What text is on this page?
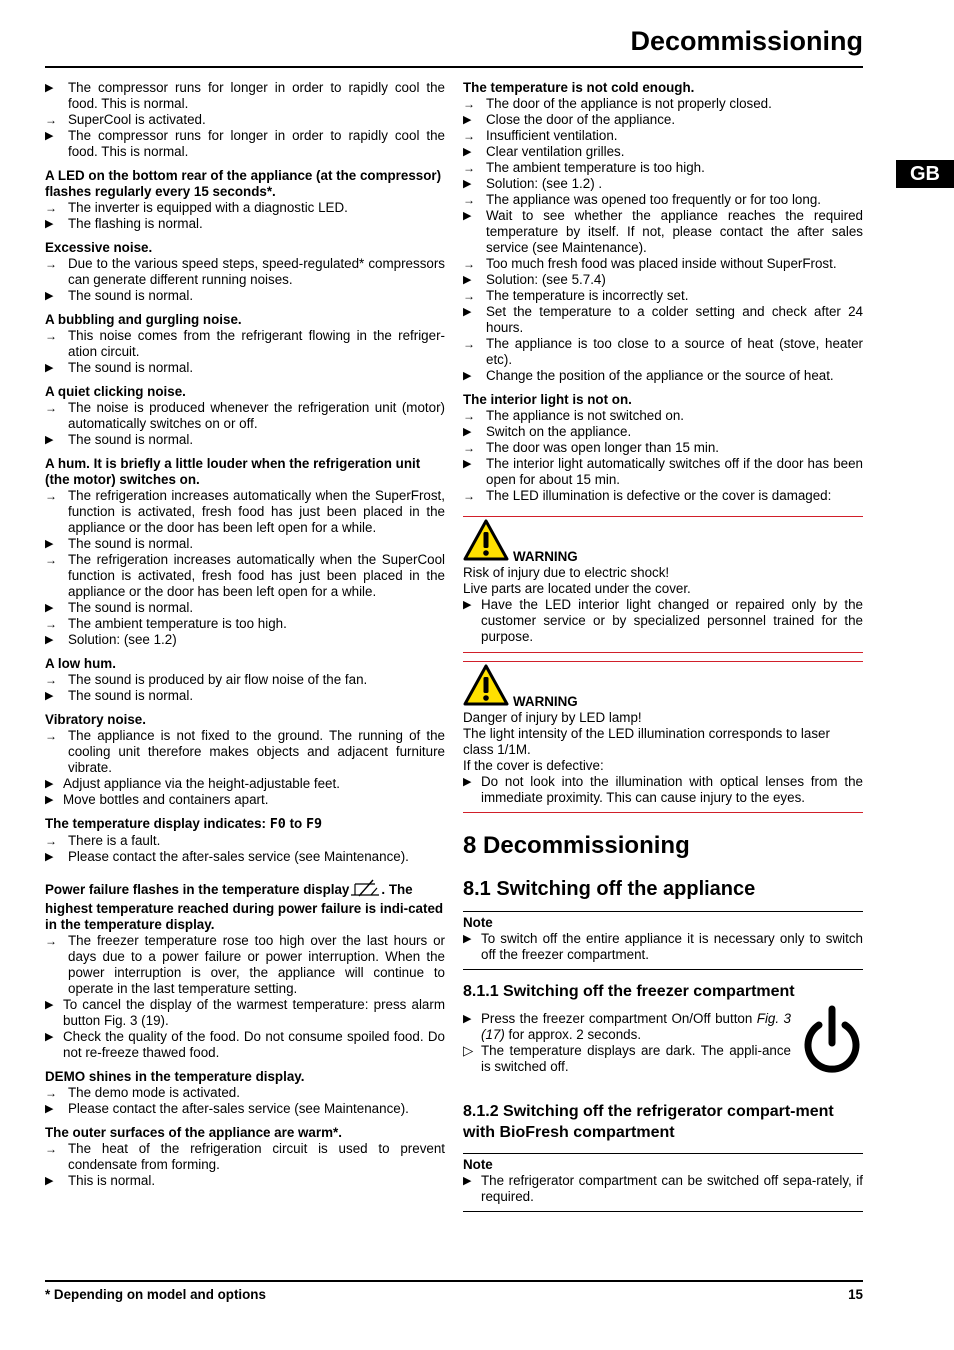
Decommissioning
GB
▶	The compressor runs for longer in order to rapidly cool the food. This is normal.
→ SuperCool is activated.
▶	The compressor runs for longer in order to rapidly cool the food. This is normal.
A LED on the bottom rear of the appliance (at the compressor) flashes regularly every 15 seconds*.
→ The inverter is equipped with a diagnostic LED.
▶	The flashing is normal.
Excessive noise.
→ Due to the various speed steps, speed-regulated* compressors can generate different running noises.
▶	The sound is normal.
A bubbling and gurgling noise.
→ This noise comes from the refrigerant flowing in the refriger-ation circuit.
▶	The sound is normal.
A quiet clicking noise.
→ The noise is produced whenever the refrigeration unit (motor) automatically switches on or off.
▶	The sound is normal.
A hum. It is briefly a little louder when the refrigeration unit (the motor) switches on.
→ The refrigeration increases automatically when the SuperFrost, function is activated, fresh food has just been placed in the appliance or the door has been left open for a while.
▶	The sound is normal.
→ The refrigeration increases automatically when the SuperCool function is activated, fresh food has just been placed in the appliance or the door has been left open for a while.
▶	The sound is normal.
→ The ambient temperature is too high.
▶	Solution: (see 1.2)
A low hum.
→ The sound is produced by air flow noise of the fan.
▶	The sound is normal.
Vibratory noise.
→ The appliance is not fixed to the ground. The running of the cooling unit therefore makes objects and adjacent furniture vibrate.
▶ Adjust appliance via the height-adjustable feet.
▶ Move bottles and containers apart.
The temperature display indicates: F0 to F9
→ There is a fault.
▶	Please contact the after-sales service (see Maintenance).
Power failure flashes in the temperature display . The highest temperature reached during power failure is indi-cated in the temperature display.
→ The freezer temperature rose too high over the last hours or days due to a power failure or power interruption. When the power interruption is over, the appliance will continue to operate in the last temperature setting.
▶ To cancel the display of the warmest temperature: press alarm button Fig. 3 (19).
▶ Check the quality of the food. Do not consume spoiled food. Do not re-freeze thawed food.
DEMO shines in the temperature display.
→ The demo mode is activated.
▶	Please contact the after-sales service (see Maintenance).
The outer surfaces of the appliance are warm*.
→ The heat of the refrigeration circuit is used to prevent condensate from forming.
▶	This is normal.
The temperature is not cold enough.
→ The door of the appliance is not properly closed.
▶	Close the door of the appliance.
→ Insufficient ventilation.
▶	Clear ventilation grilles.
→ The ambient temperature is too high.
▶	Solution: (see 1.2) .
→ The appliance was opened too frequently or for too long.
▶	Wait to see whether the appliance reaches the required temperature by itself. If not, please contact the after sales service (see Maintenance).
→ Too much fresh food was placed inside without SuperFrost.
▶	Solution: (see 5.7.4)
→ The temperature is incorrectly set.
▶	Set the temperature to a colder setting and check after 24 hours.
→ The appliance is too close to a source of heat (stove, heater etc).
▶	Change the position of the appliance or the source of heat.
The interior light is not on.
→ The appliance is not switched on.
▶	Switch on the appliance.
→ The door was open longer than 15 min.
▶	The interior light automatically switches off if the door has been open for about 15 min.
→ The LED illumination is defective or the cover is damaged:
WARNING
Risk of injury due to electric shock!
Live parts are located under the cover.
▶ Have the LED interior light changed or repaired only by the customer service or by specialized personnel trained for the purpose.
WARNING
Danger of injury by LED lamp!
The light intensity of the LED illumination corresponds to laser class 1/1M.
If the cover is defective:
▶ Do not look into the illumination with optical lenses from the immediate proximity. This can cause injury to the eyes.
8 Decommissioning
8.1 Switching off the appliance
Note
▶ To switch off the entire appliance it is necessary only to switch off the freezer compartment.
8.1.1 Switching off the freezer compartment
▶ Press the freezer compartment On/Off button Fig. 3 (17) for approx. 2 seconds.
▷ The temperature displays are dark. The appli-ance is switched off.
8.1.2 Switching off the refrigerator compart-ment with BioFresh compartment
Note
▶ The refrigerator compartment can be switched off sepa-rately, if required.
* Depending on model and options	15
